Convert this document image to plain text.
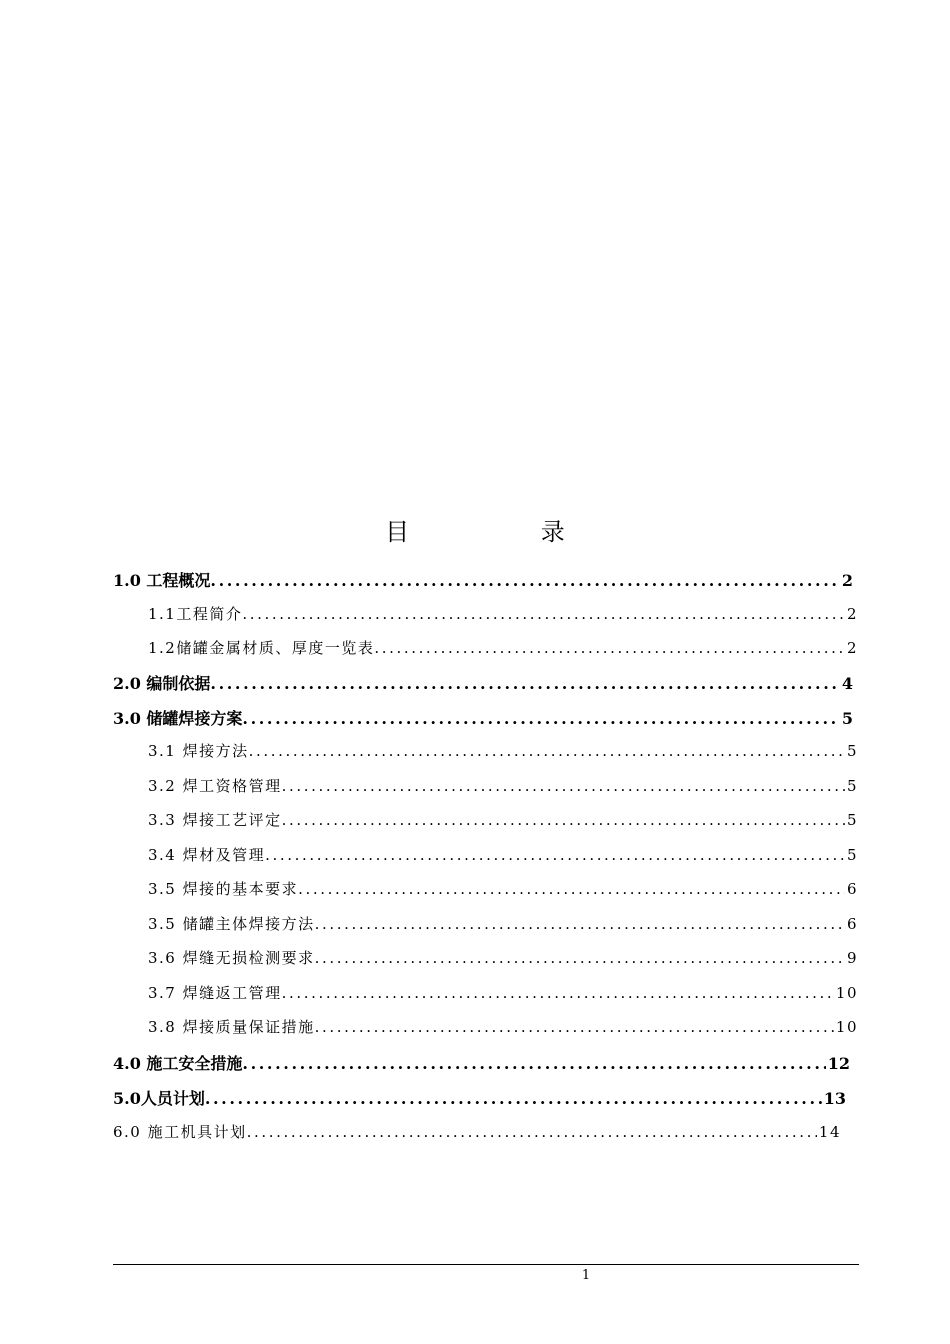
目 录
1.0 工程概况 .....	2
1.1工程简介 .....	2
1.2储罐金属材质、厚度一览表 .....	2
2.0 编制依据 .....	4
3.0 储罐焊接方案 .....	5
3.1 焊接方法 .....	5
3.2 焊工资格管理 .....	5
3.3 焊接工艺评定 .....	5
3.4 焊材及管理 .....	5
3.5 焊接的基本要求 .....	6
3.5 储罐主体焊接方法 .....	6
3.6 焊缝无损检测要求 .....	9
3.7 焊缝返工管理 .....	10
3.8 焊接质量保证措施 .....	10
4.0 施工安全措施 .....	12
5.0人员计划 .....	13
6.0 施工机具计划 .....	14
1
